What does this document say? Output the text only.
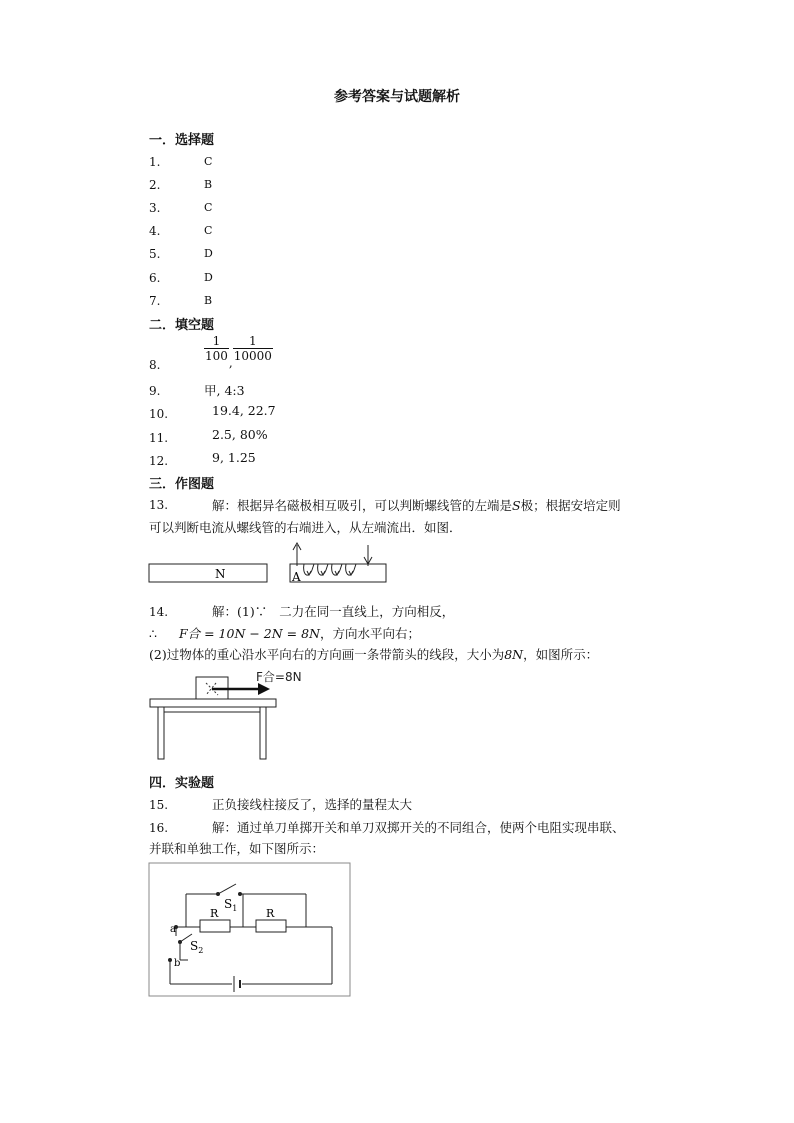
参考答案与试题解析
一．选择题
1.	C
2.	B
3.	C
4.	C
5.	D
6.	D
7.	B
二．填空题
8.
$\frac{1}{100} _, \frac{1}{10000}$
9.	甲, 4:3
10.	19.4, 22.7
11.	2.5, 80%
12.	9, 1.25
三．作图题
13.	解：根据异名磁极相互吸引，可以判断螺线管的左端是S极；根据安培定则
可以判断电流从螺线管的右端进入，从左端流出．如图．
N	A
14.	解：(1)∵ 二力在同一直线上，方向相反，
∴ F合 = 10N − 2N = 8N，方向水平向右；
(2)过物体的重心沿水平向右的方向画一条带箭头的线段，大小为8N，如图所示：
F合=8N
四．实验题
15.	正负接线柱接反了，选择的量程太大
16.	解：通过单刀单掷开关和单刀双掷开关的不同组合，使两个电阻实现串联、
并联和单独工作，如下图所示：
$S_1$
R	R
a
$S_2$
b
